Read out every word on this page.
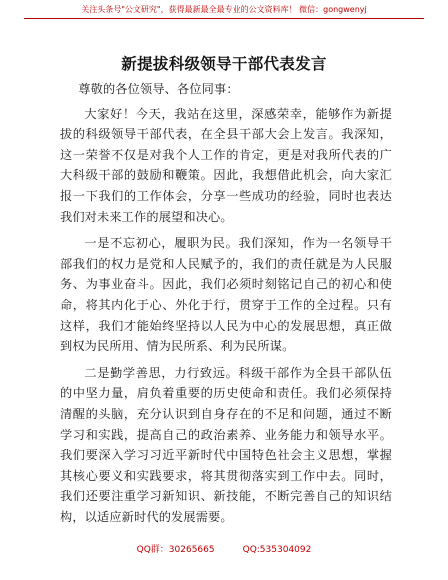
关注头条号"公文研究"，获得最新最全最专业的公文资料库！ 微信：gongwenyj
新提拔科级领导干部代表发言

尊敬的各位领导、各位同事：

大家好！今天，我站在这里，深感荣幸，能够作为新提拔的科级领导干部代表，在全县干部大会上发言。我深知，这一荣誉不仅是对我个人工作的肯定，更是对我所代表的广大科级干部的鼓励和鞭策。因此，我想借此机会，向大家汇报一下我们的工作体会，分享一些成功的经验，同时也表达我们对未来工作的展望和决心。

一是不忘初心，履职为民。我们深知，作为一名领导干部我们的权力是党和人民赋予的，我们的责任就是为人民服务、为事业奋斗。因此，我们必须时刻铭记自己的初心和使命，将其内化于心、外化于行，贯穿于工作的全过程。只有这样，我们才能始终坚持以人民为中心的发展思想，真正做到权为民所用、情为民所系、利为民所谋。

二是勤学善思，力行致远。科级干部作为全县干部队伍的中坚力量，肩负着重要的历史使命和责任。我们必须保持清醒的头脑，充分认识到自身存在的不足和问题，通过不断学习和实践，提高自己的政治素养、业务能力和领导水平。我们要深入学习习近平新时代中国特色社会主义思想，掌握其核心要义和实践要求，将其贯彻落实到工作中去。同时，我们还要注重学习新知识、新技能，不断完善自己的知识结构，以适应新时代的发展需要。

QQ群：30265665	QQ:535304092
